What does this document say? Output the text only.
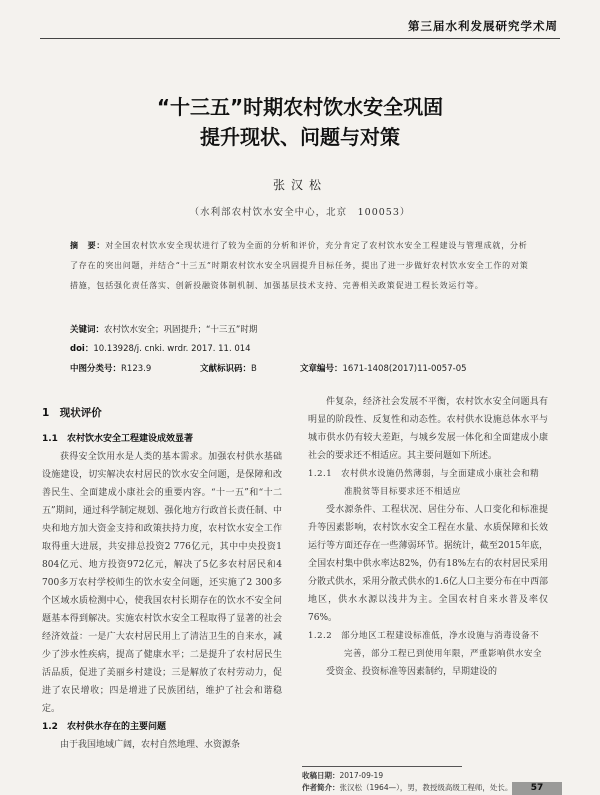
第三届水利发展研究学术周
“十三五”时期农村饮水安全巩固
提升现状、问题与对策
张汉松
（水利部农村饮水安全中心，北京　100053）
摘　要：对全国农村饮水安全现状进行了较为全面的分析和评价，充分肯定了农村饮水安全工程建设与管理成就，分析了存在的突出问题，并结合“十三五”时期农村饮水安全巩固提升目标任务，提出了进一步做好农村饮水安全工作的对策措施，包括强化责任落实、创新投融资体制机制、加强基层技术支持、完善相关政策促进工程长效运行等。
关键词：农村饮水安全；巩固提升；“十三五”时期
doi：10.13928/j. cnki. wrdr. 2017. 11. 014
中图分类号：R123.9	文献标识码：B	文章编号：1671-1408(2017)11-0057-05
1　现状评价
1.1　农村饮水安全工程建设成效显著

获得安全饮用水是人类的基本需求。加强农村供水基础设施建设，切实解决农村居民的饮水安全问题，是保障和改善民生、全面建成小康社会的重要内容。“十一五”和“十二五”期间，通过科学制定规划、强化地方行政首长责任制、中央和地方加大资金支持和政策扶持力度，农村饮水安全工作取得重大进展，共安排总投资2 776亿元，其中中央投资1 804亿元、地方投资972亿元，解决了5亿多农村居民和4 700多万农村学校师生的饮水安全问题，还实施了2 300多个区域水质检测中心，使我国农村长期存在的饮水不安全问题基本得到解决。实施农村饮水安全工程取得了显著的社会经济效益：一是广大农村居民用上了清洁卫生的自来水，减少了涉水性疾病，提高了健康水平；二是提升了农村居民生活品质，促进了美丽乡村建设；三是解放了农村劳动力，促进了农民增收；四是增进了民族团结，维护了社会和谐稳定。

1.2　农村供水存在的主要问题

由于我国地域广阔，农村自然地理、水资源条

件复杂，经济社会发展不平衡，农村饮水安全问题具有明显的阶段性、反复性和动态性。农村供水设施总体水平与城市供水仍有较大差距，与城乡发展一体化和全面建成小康社会的要求还不相适应。其主要问题如下所述。

1.2.1　农村供水设施仍然薄弱，与全面建成小康社会和精准脱贫等目标要求还不相适应

受水源条件、工程状况、居住分布、人口变化和标准提升等因素影响，农村饮水安全工程在水量、水质保障和长效运行等方面还存在一些薄弱环节。据统计，截至2015年底，全国农村集中供水率达82%，仍有18%左右的农村居民采用分散式供水，采用分散式供水的1.6亿人口主要分布在中西部地区，供水水源以浅井为主。全国农村自来水普及率仅76%。

1.2.2　部分地区工程建设标准低，净水设施与消毒设备不完善，部分工程已到使用年限，严重影响供水安全

受资金、投资标准等因素制约，早期建设的

收稿日期：2017-09-19
作者简介：张汉松（1964—），男，教授级高级工程师，处长。	57
